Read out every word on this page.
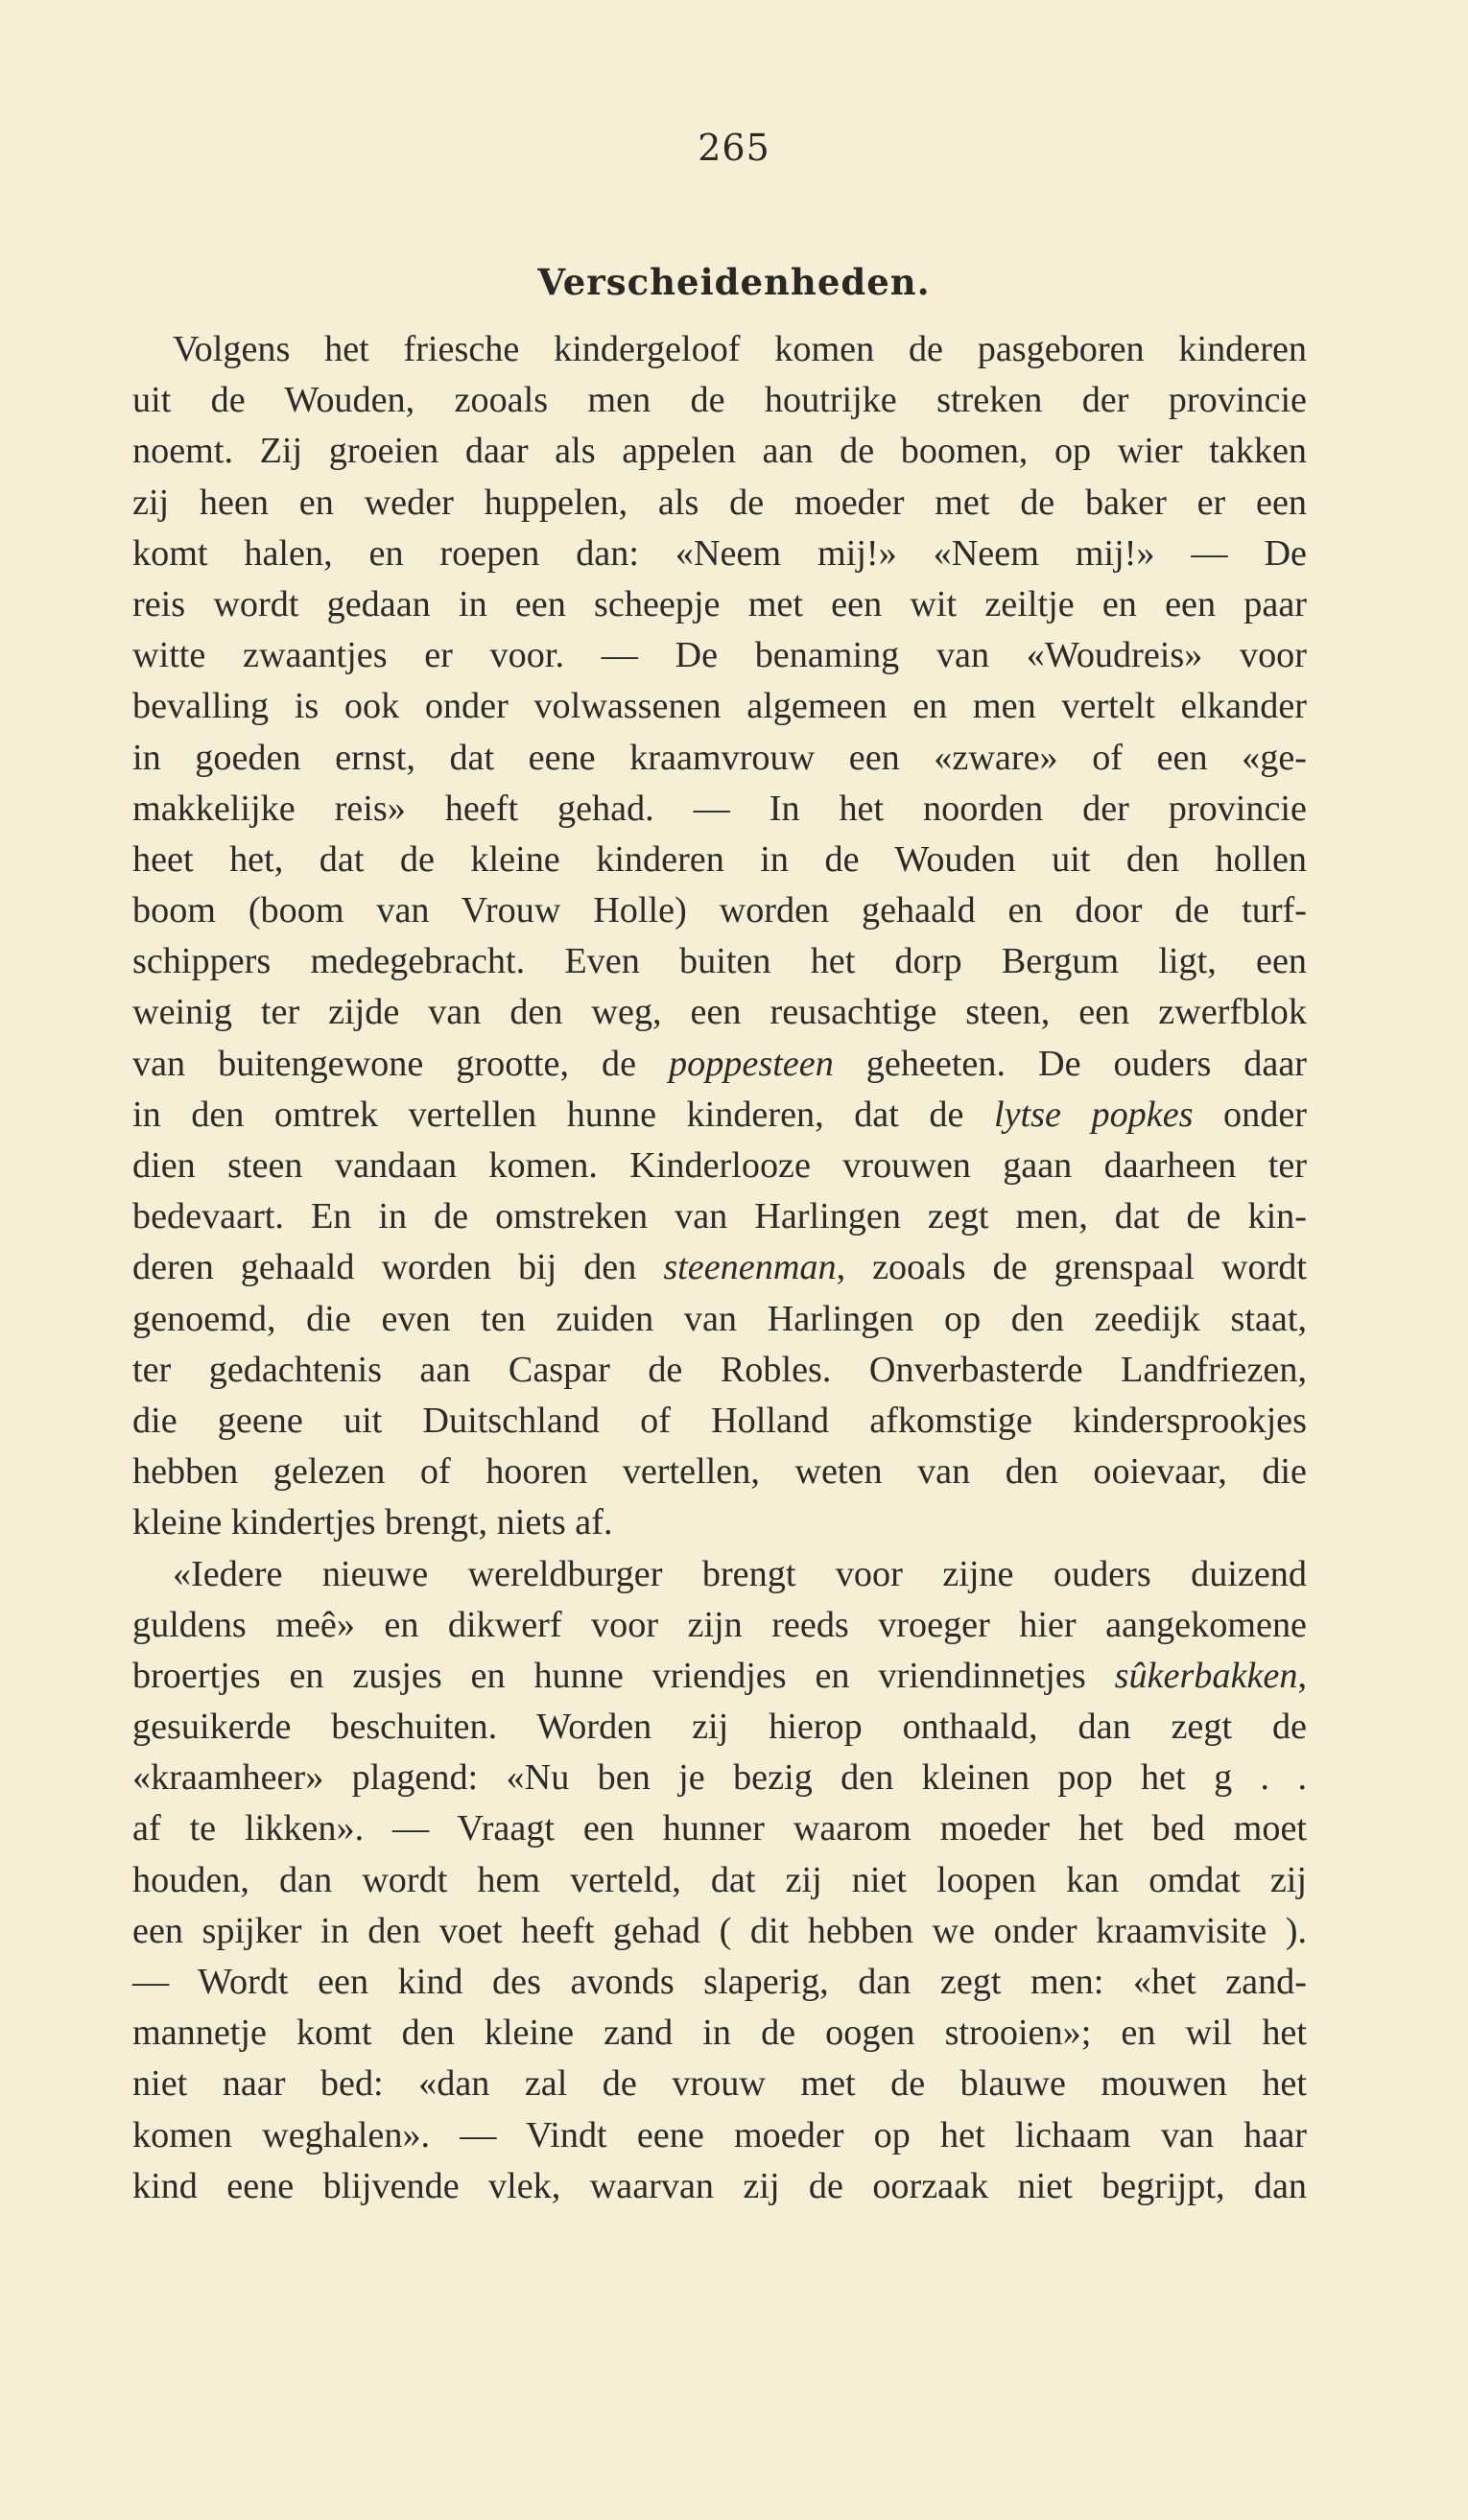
265
Verscheidenheden.
Volgens het friesche kindergeloof komen de pasgeboren kinderen
uit de Wouden, zooals men de houtrijke streken der provincie
noemt. Zij groeien daar als appelen aan de boomen, op wier takken
zij heen en weder huppelen, als de moeder met de baker er een
komt halen, en roepen dan: «Neem mij!» «Neem mij!» — De
reis wordt gedaan in een scheepje met een wit zeiltje en een paar
witte zwaantjes er voor. — De benaming van «Woudreis» voor
bevalling is ook onder volwassenen algemeen en men vertelt elkander
in goeden ernst, dat eene kraamvrouw een «zware» of een «ge-
makkelijke reis» heeft gehad. — In het noorden der provincie
heet het, dat de kleine kinderen in de Wouden uit den hollen
boom (boom van Vrouw Holle) worden gehaald en door de turf-
schippers medegebracht. Even buiten het dorp Bergum ligt, een
weinig ter zijde van den weg, een reusachtige steen, een zwerfblok
van buitengewone grootte, de poppesteen geheeten. De ouders daar
in den omtrek vertellen hunne kinderen, dat de lytse popkes onder
dien steen vandaan komen. Kinderlooze vrouwen gaan daarheen ter
bedevaart. En in de omstreken van Harlingen zegt men, dat de kin-
deren gehaald worden bij den steenenman, zooals de grenspaal wordt
genoemd, die even ten zuiden van Harlingen op den zeedijk staat,
ter gedachtenis aan Caspar de Robles. Onverbasterde Landfriezen,
die geene uit Duitschland of Holland afkomstige kindersprookjes
hebben gelezen of hooren vertellen, weten van den ooievaar, die
kleine kindertjes brengt, niets af.
«Iedere nieuwe wereldburger brengt voor zijne ouders duizend
guldens meê» en dikwerf voor zijn reeds vroeger hier aangekomene
broertjes en zusjes en hunne vriendjes en vriendinnetjes sûkerbakken,
gesuikerde beschuiten. Worden zij hierop onthaald, dan zegt de
«kraamheer» plagend: «Nu ben je bezig den kleinen pop het g . .
af te likken». — Vraagt een hunner waarom moeder het bed moet
houden, dan wordt hem verteld, dat zij niet loopen kan omdat zij
een spijker in den voet heeft gehad ( dit hebben we onder kraamvisite ).
— Wordt een kind des avonds slaperig, dan zegt men: «het zand-
mannetje komt den kleine zand in de oogen strooien»; en wil het
niet naar bed: «dan zal de vrouw met de blauwe mouwen het
komen weghalen». — Vindt eene moeder op het lichaam van haar
kind eene blijvende vlek, waarvan zij de oorzaak niet begrijpt, dan
